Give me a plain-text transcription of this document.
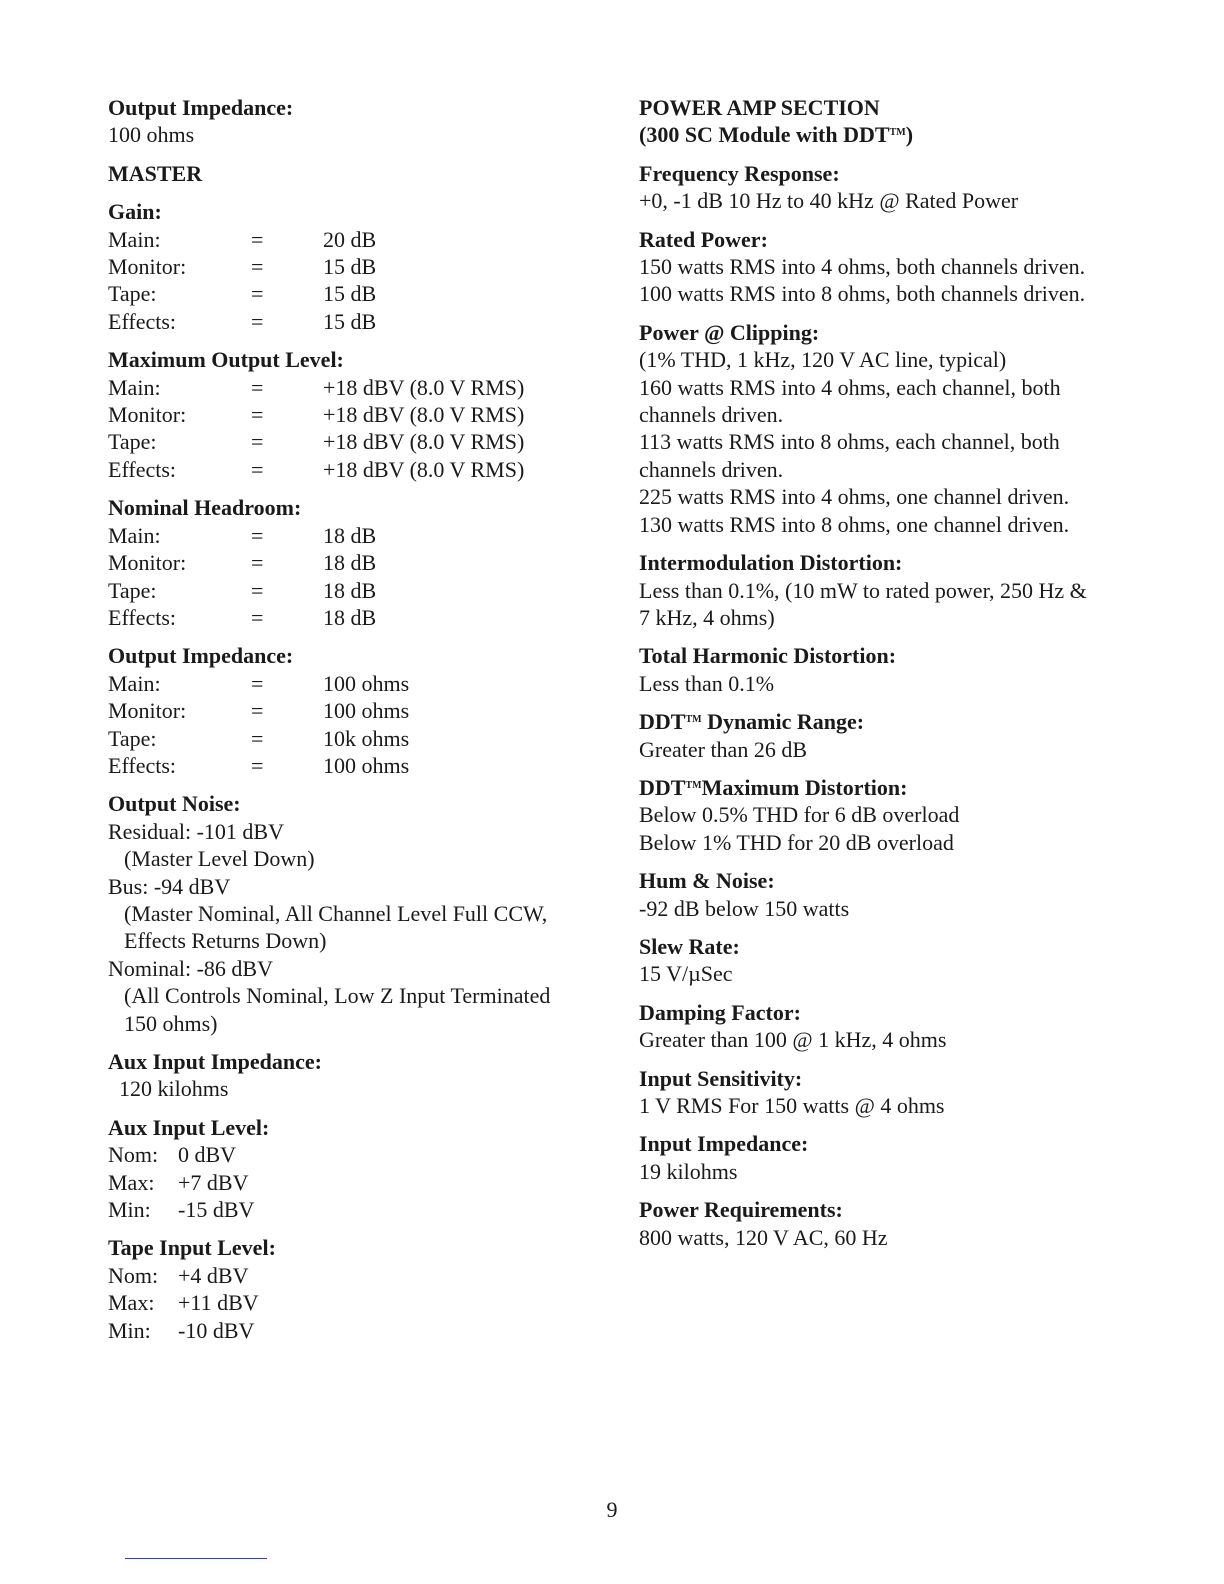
Output Impedance:
100 ohms
MASTER
Gain:
Main:	=	20 dB
Monitor:	=	15 dB
Tape:	=	15 dB
Effects:	=	15 dB
Maximum Output Level:
Main:	=	+18 dBV (8.0 V RMS)
Monitor:	=	+18 dBV (8.0 V RMS)
Tape:	=	+18 dBV (8.0 V RMS)
Effects:	=	+18 dBV (8.0 V RMS)
Nominal Headroom:
Main:	=	18 dB
Monitor:	=	18 dB
Tape:	=	18 dB
Effects:	=	18 dB
Output Impedance:
Main:	=	100 ohms
Monitor:	=	100 ohms
Tape:	=	10k ohms
Effects:	=	100 ohms
Output Noise:
Residual: -101 dBV
(Master Level Down)
Bus: -94 dBV
(Master Nominal, All Channel Level Full CCW,
Effects Returns Down)
Nominal: -86 dBV
(All Controls Nominal, Low Z Input Terminated
150 ohms)
Aux Input Impedance:
120 kilohms
Aux Input Level:
Nom: 0 dBV
Max:	+7 dBV
Min:	-15 dBV
Tape Input Level:
Nom: +4 dBV
Max:	+11 dBV
Min:	-10 dBV
POWER AMP SECTION
(300 SC Module with DDT™)
Frequency Response:
+0, -1 dB 10 Hz to 40 kHz @ Rated Power
Rated Power:
150 watts RMS into 4 ohms, both channels driven.
100 watts RMS into 8 ohms, both channels driven.
Power @ Clipping:
(1% THD, 1 kHz, 120 V AC line, typical)
160 watts RMS into 4 ohms, each channel, both
channels driven.
113 watts RMS into 8 ohms, each channel, both
channels driven.
225 watts RMS into 4 ohms, one channel driven.
130 watts RMS into 8 ohms, one channel driven.
Intermodulation Distortion:
Less than 0.1%, (10 mW to rated power, 250 Hz &
7 kHz, 4 ohms)
Total Harmonic Distortion:
Less than 0.1%
DDT™ Dynamic Range:
Greater than 26 dB
DDT™Maximum Distortion:
Below 0.5% THD for 6 dB overload
Below 1% THD for 20 dB overload
Hum & Noise:
-92 dB below 150 watts
Slew Rate:
15 V/µSec
Damping Factor:
Greater than 100 @ 1 kHz, 4 ohms
Input Sensitivity:
1 V RMS For 150 watts @ 4 ohms
Input Impedance:
19 kilohms
Power Requirements:
800 watts, 120 V AC, 60 Hz
9
